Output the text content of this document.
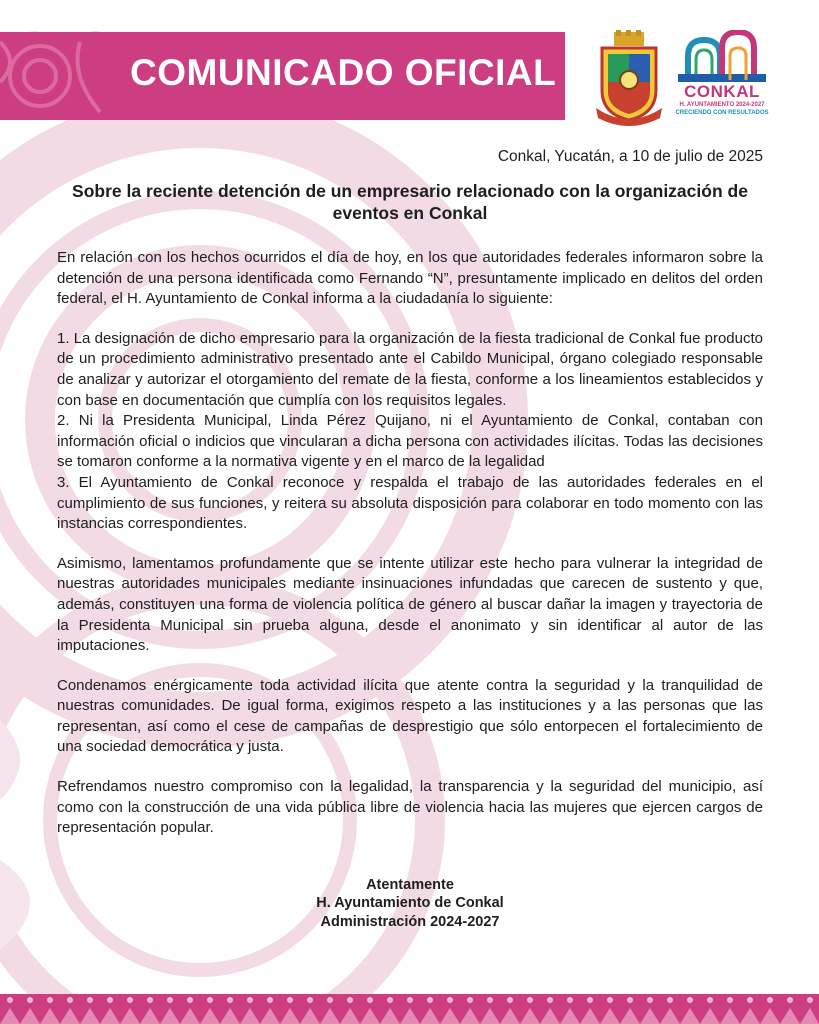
COMUNICADO OFICIAL	CONKAL
H. AYUNTAMIENTO 2024-2027
CRECIENDO CON RESULTADOS

Conkal, Yucatán, a 10 de julio de 2025

Sobre la reciente detención de un empresario relacionado con la organización de eventos en Conkal

En relación con los hechos ocurridos el día de hoy, en los que autoridades federales informaron sobre la detención de una persona identificada como Fernando “N”, presuntamente implicado en delitos del orden federal, el H. Ayuntamiento de Conkal informa a la ciudadanía lo siguiente:

1. La designación de dicho empresario para la organización de la fiesta tradicional de Conkal fue producto de un procedimiento administrativo presentado ante el Cabildo Municipal, órgano colegiado responsable de analizar y autorizar el otorgamiento del remate de la fiesta, conforme a los lineamientos establecidos y con base en documentación que cumplía con los requisitos legales.

2. Ni la Presidenta Municipal, Linda Pérez Quijano, ni el Ayuntamiento de Conkal, contaban con información oficial o indicios que vincularan a dicha persona con actividades ilícitas. Todas las decisiones se tomaron conforme a la normativa vigente y en el marco de la legalidad

3. El Ayuntamiento de Conkal reconoce y respalda el trabajo de las autoridades federales en el cumplimiento de sus funciones, y reitera su absoluta disposición para colaborar en todo momento con las instancias correspondientes.

Asimismo, lamentamos profundamente que se intente utilizar este hecho para vulnerar la integridad de nuestras autoridades municipales mediante insinuaciones infundadas que carecen de sustento y que, además, constituyen una forma de violencia política de género al buscar dañar la imagen y trayectoria de la Presidenta Municipal sin prueba alguna, desde el anonimato y sin identificar al autor de las imputaciones.

Condenamos enérgicamente toda actividad ilícita que atente contra la seguridad y la tranquilidad de nuestras comunidades. De igual forma, exigimos respeto a las instituciones y a las personas que las representan, así como el cese de campañas de desprestigio que sólo entorpecen el fortalecimiento de una sociedad democrática y justa.

Refrendamos nuestro compromiso con la legalidad, la transparencia y la seguridad del municipio, así como con la construcción de una vida pública libre de violencia hacia las mujeres que ejercen cargos de representación popular.

Atentamente
H. Ayuntamiento de Conkal
Administración 2024-2027
